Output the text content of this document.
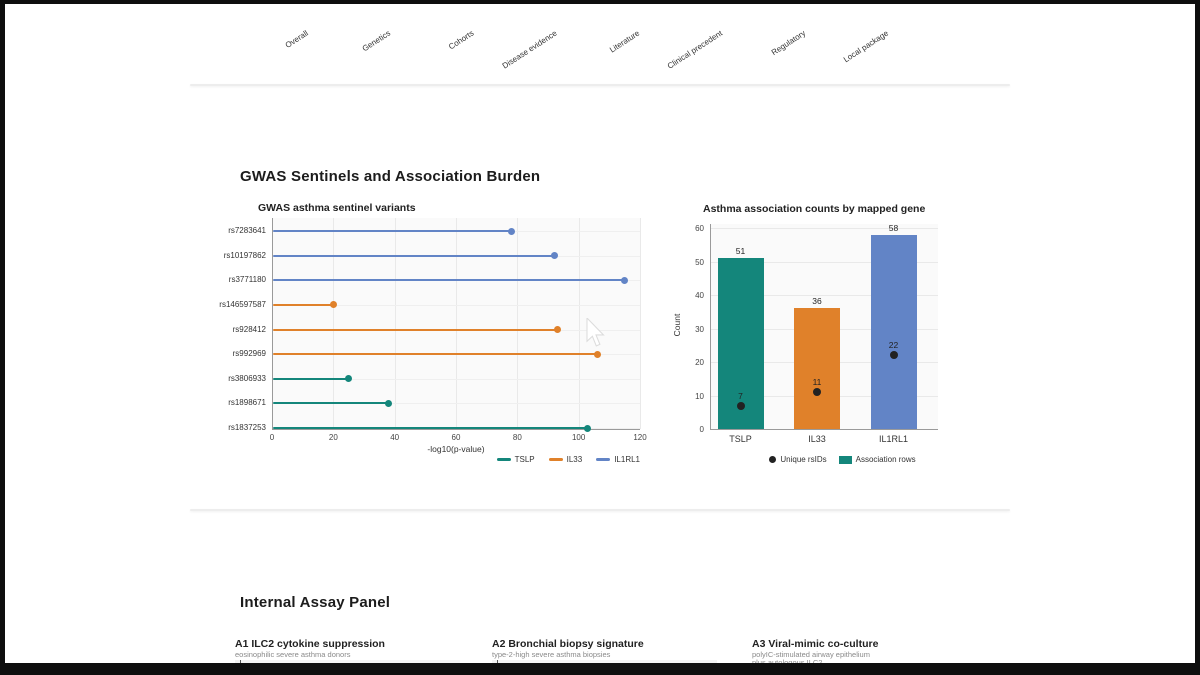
Overall	Genetics	Cohorts	Disease evidence	Literature	Clinical precedent	Regulatory	Local package
GWAS Sentinels and Association Burden
GWAS asthma sentinel variants
0	20	40	60	80	100	120
rs7283641
rs10197862
rs3771180
rs146597587
rs928412
rs992969
rs3806933
rs1898671
rs1837253
TSLP	IL33	IL1RL1
-log10(p-value)
Asthma association counts by mapped gene
0
10
20
30
40
50
60
51
7
TSLP
36
11
IL33
58
22
IL1RL1
Unique rsIDs	Association rows
Count
Internal Assay Panel
A1 ILC2 cytokine suppression
eosinophilic severe asthma donors
A2 Bronchial biopsy signature
type-2-high severe asthma biopsies
A3 Viral-mimic co-culture
polyIC-stimulated airway epithelium
